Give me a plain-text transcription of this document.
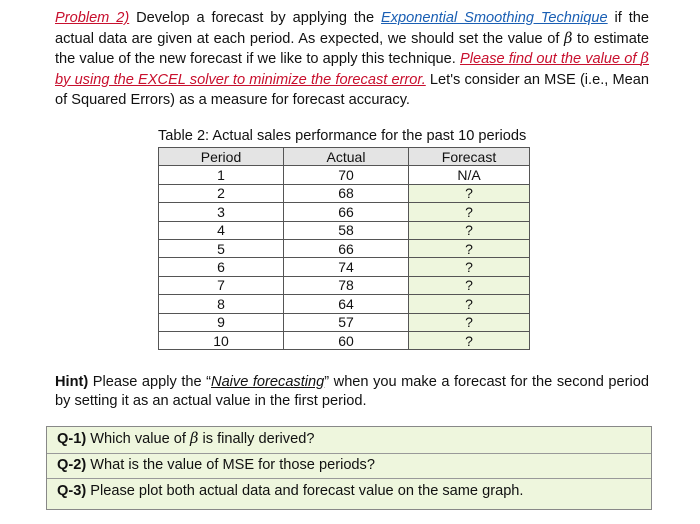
Problem 2) Develop a forecast by applying the Exponential Smoothing Technique if the actual data are given at each period. As expected, we should set the value of β to estimate the value of the new forecast if we like to apply this technique. Please find out the value of β by using the EXCEL solver to minimize the forecast error. Let's consider an MSE (i.e., Mean of Squared Errors) as a measure for forecast accuracy.
Table 2: Actual sales performance for the past 10 periods
Period	Actual	Forecast
1	70	N/A
2	68	?
3	66	?
4	58	?
5	66	?
6	74	?
7	78	?
8	64	?
9	57	?
10	60	?
Hint) Please apply the “Naive forecasting” when you make a forecast for the second period by setting it as an actual value in the first period.
Q-1) Which value of β is finally derived?
Q-2) What is the value of MSE for those periods?
Q-3) Please plot both actual data and forecast value on the same graph.
